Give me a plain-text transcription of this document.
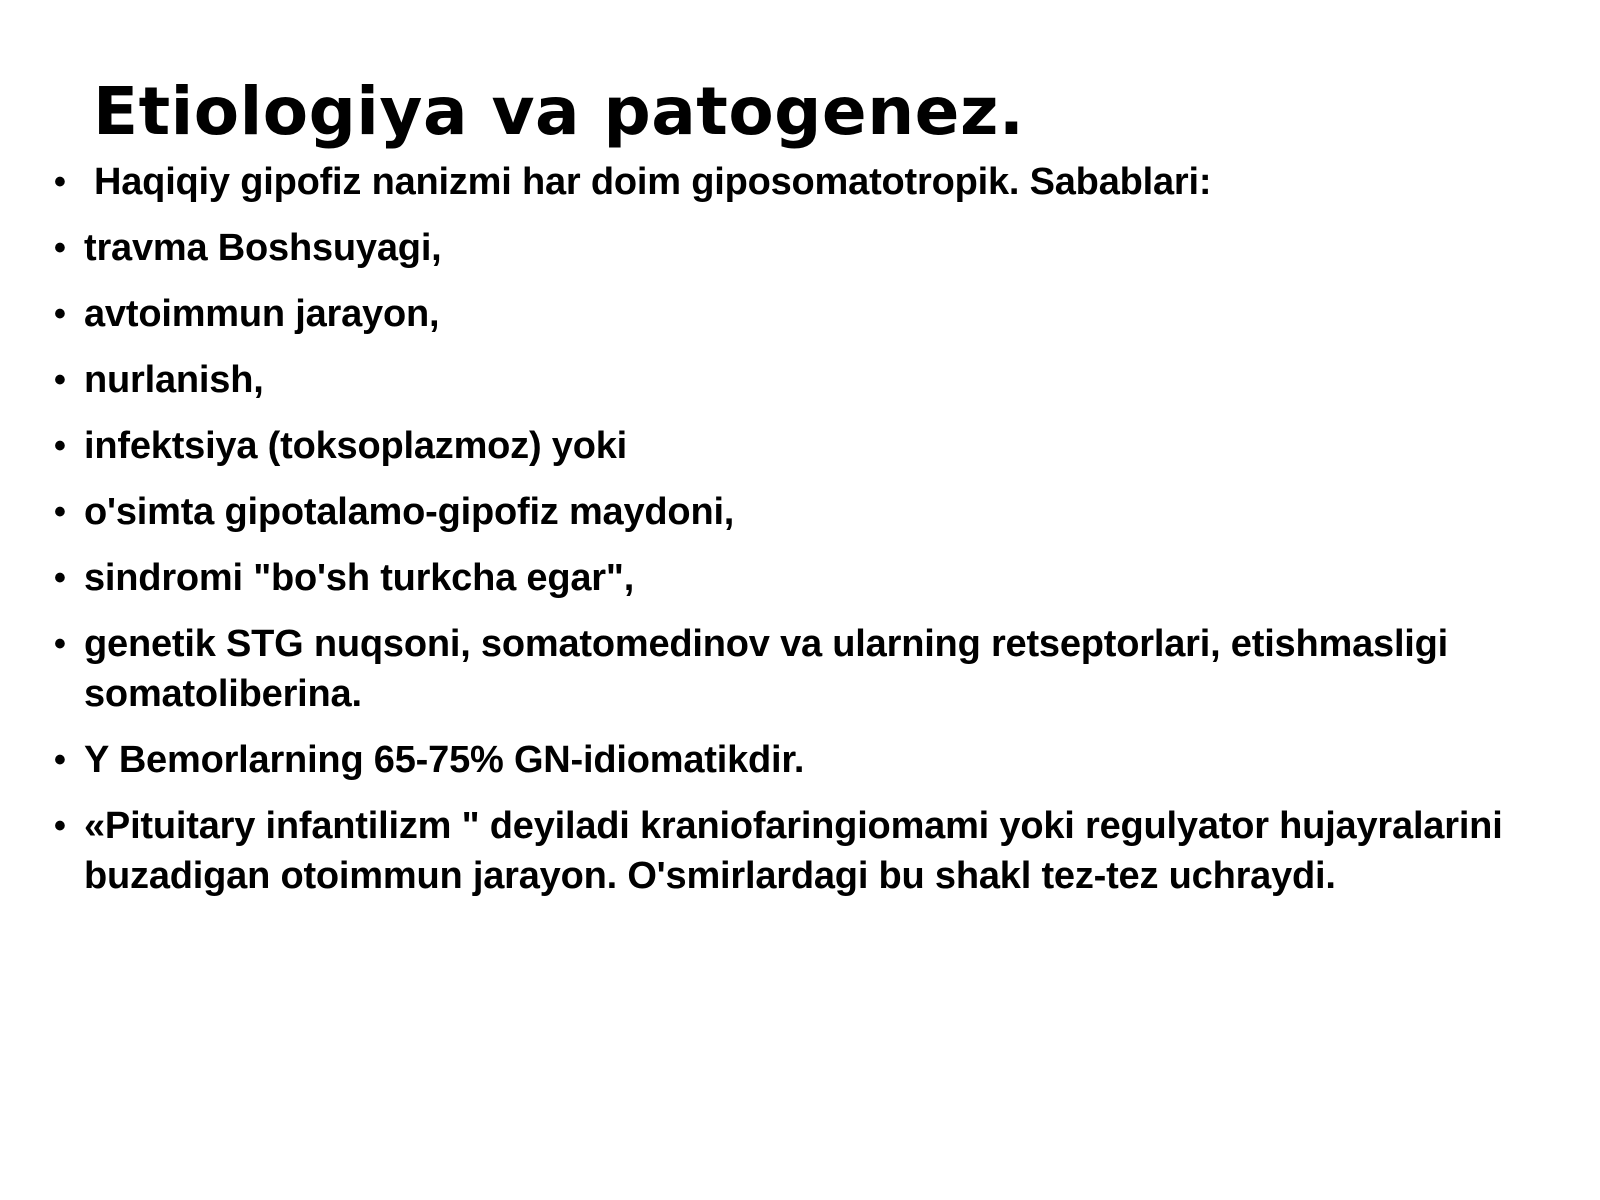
Etiologiya va patogenez.
• Haqiqiy gipofiz nanizmi har doim giposomatotropik. Sabablari:
• travma Boshsuyagi,
• avtoimmun jarayon,
• nurlanish,
• infektsiya (toksoplazmoz) yoki
• o'simta gipotalamo-gipofiz maydoni,
• sindromi "bo'sh turkcha egar",
• genetik STG nuqsoni, somatomedinov va ularning retseptorlari, etishmasligi somatoliberina.
• Y Bemorlarning 65-75% GN-idiomatikdir.
• «Pituitary infantilizm " deyiladi kraniofaringiomami yoki regulyator hujayralarini buzadigan otoimmun jarayon. O'smirlardagi bu shakl tez-tez uchraydi.
